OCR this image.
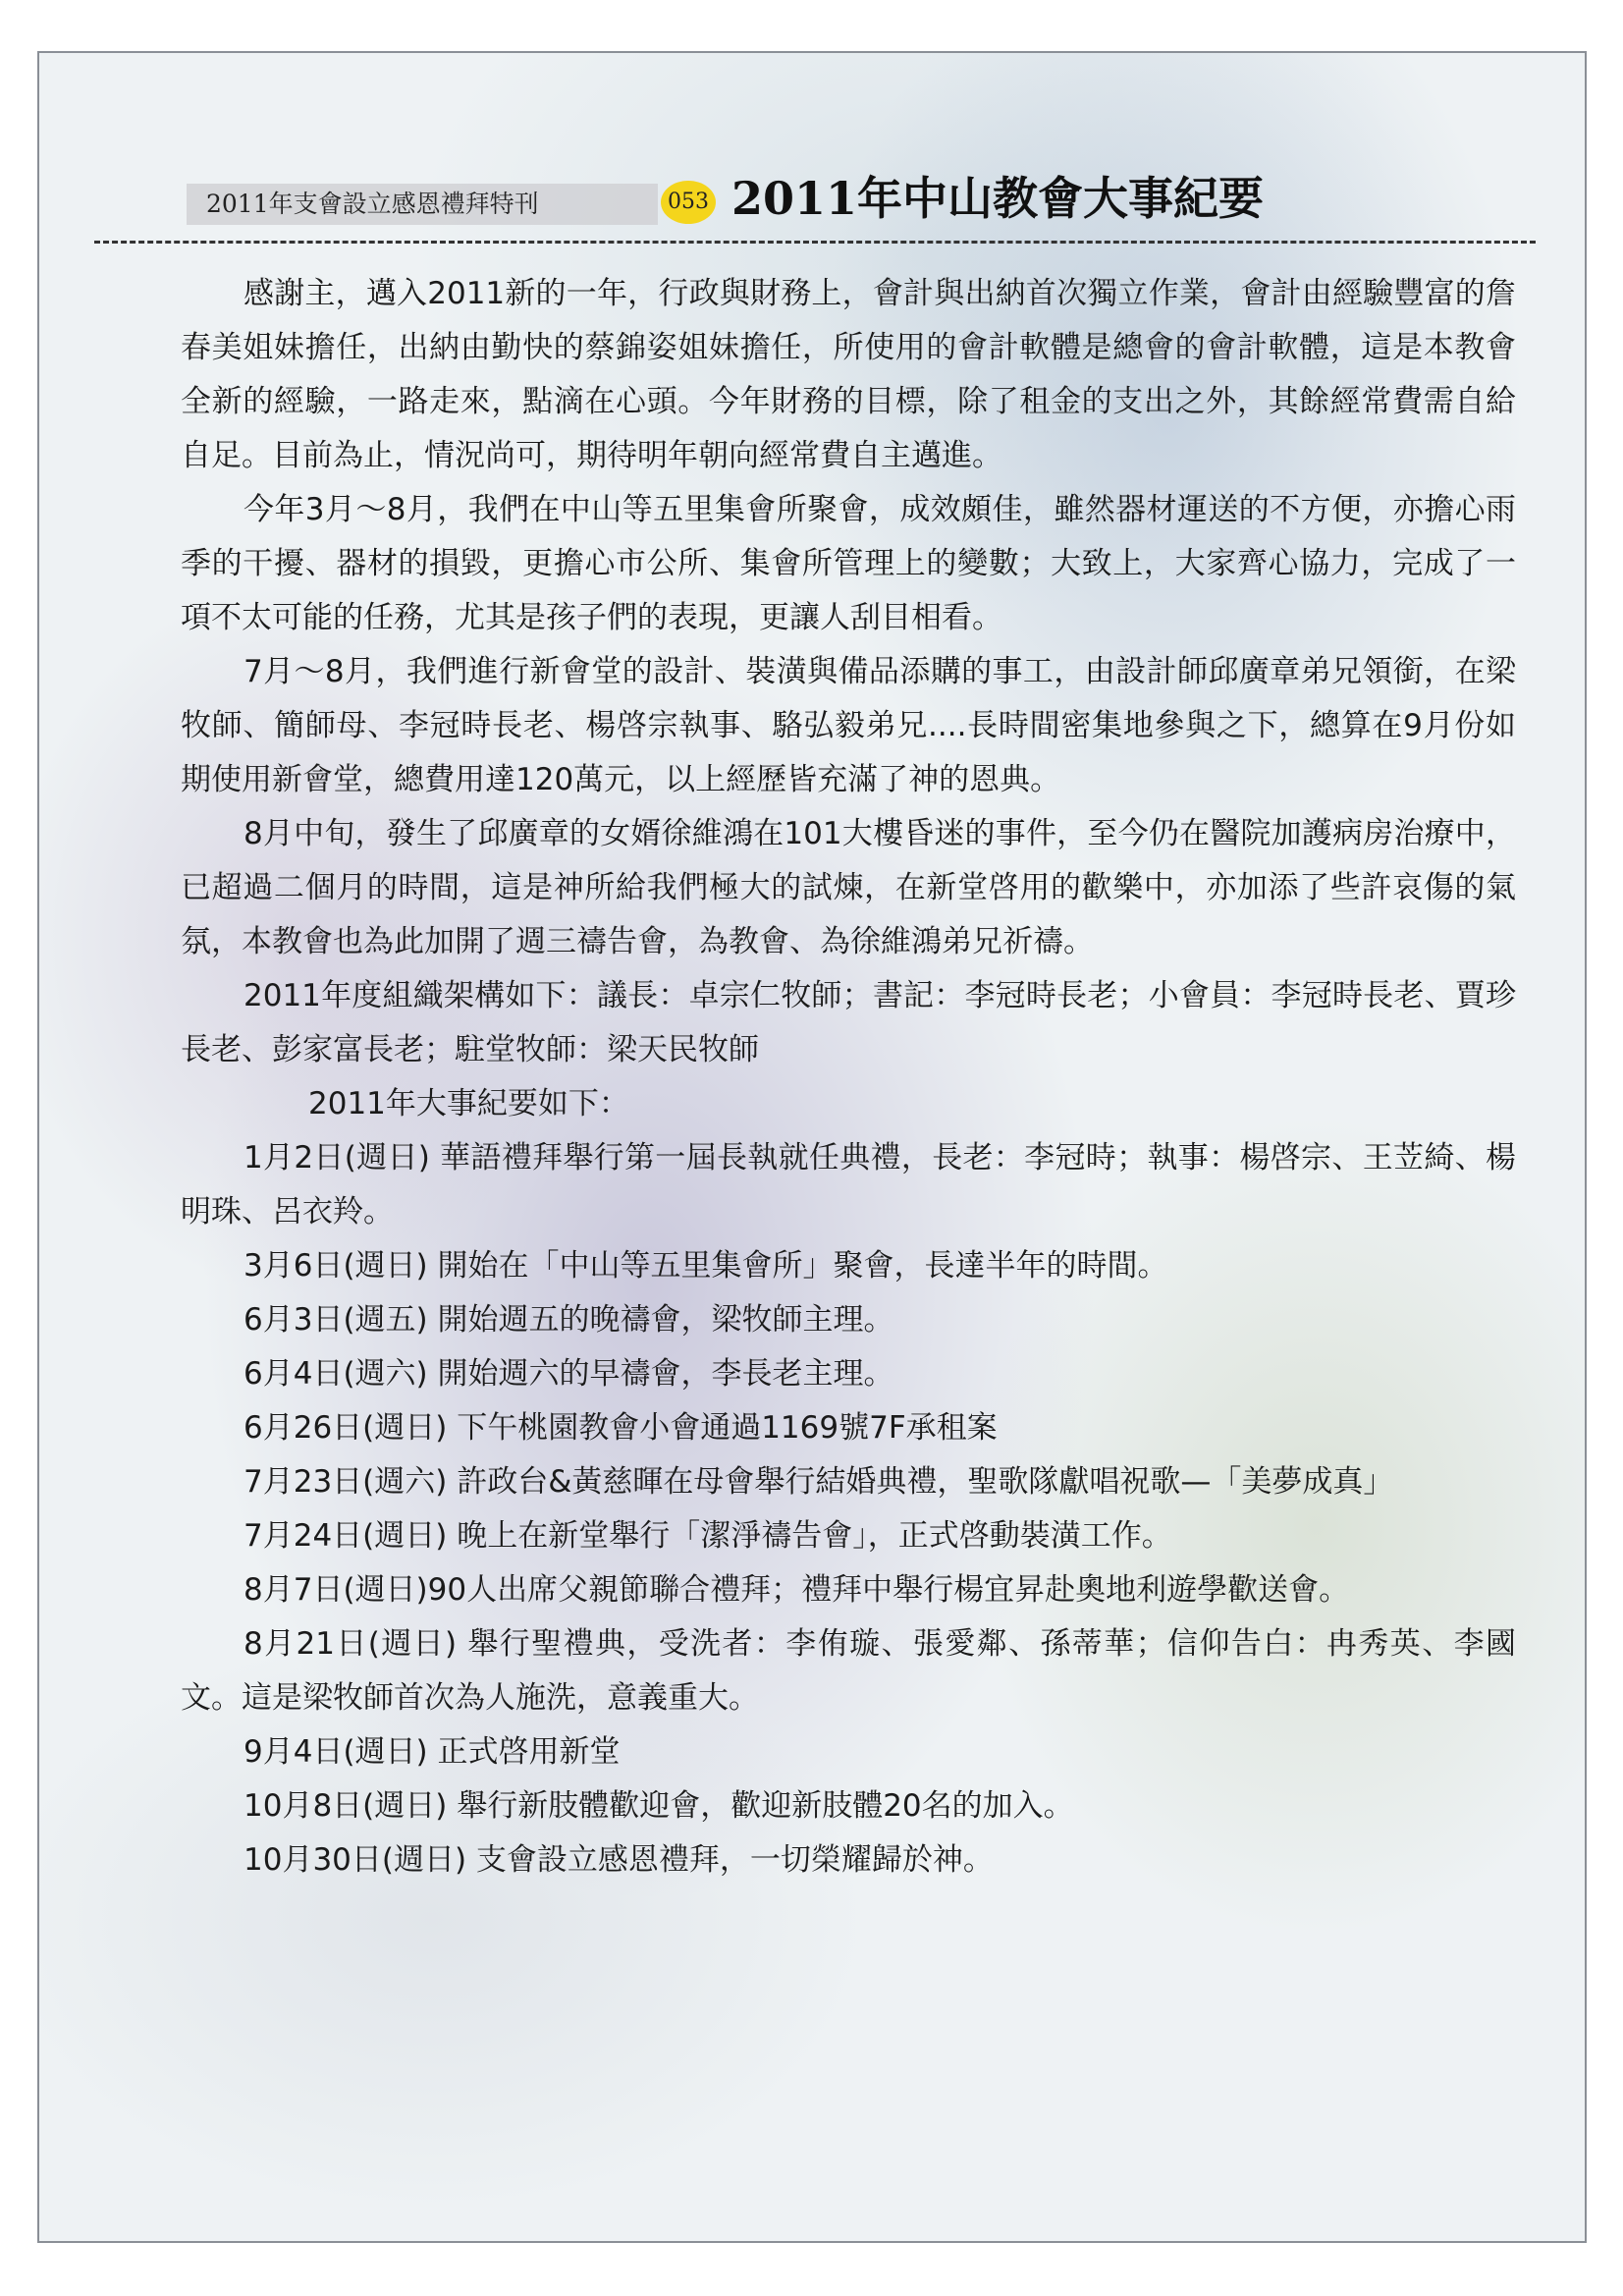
2011年支會設立感恩禮拜特刊	053 2011年中山教會大事紀要

感謝主，邁入2011新的一年，行政與財務上，會計與出納首次獨立作業，會計由經驗豐富的詹春美姐妹擔任，出納由勤快的蔡錦姿姐妹擔任，所使用的會計軟體是總會的會計軟體，這是本教會全新的經驗，一路走來，點滴在心頭。今年財務的目標，除了租金的支出之外，其餘經常費需自給自足。目前為止，情況尚可，期待明年朝向經常費自主邁進。

今年3月～8月，我們在中山等五里集會所聚會，成效頗佳，雖然器材運送的不方便，亦擔心雨季的干擾、器材的損毀，更擔心市公所、集會所管理上的變數；大致上，大家齊心協力，完成了一項不太可能的任務，尤其是孩子們的表現，更讓人刮目相看。

7月～8月，我們進行新會堂的設計、裝潢與備品添購的事工，由設計師邱廣章弟兄領銜，在梁牧師、簡師母、李冠時長老、楊啓宗執事、駱弘毅弟兄....長時間密集地參與之下，總算在9月份如期使用新會堂，總費用達120萬元，以上經歷皆充滿了神的恩典。

8月中旬，發生了邱廣章的女婿徐維鴻在101大樓昏迷的事件，至今仍在醫院加護病房治療中，已超過二個月的時間，這是神所給我們極大的試煉，在新堂啓用的歡樂中，亦加添了些許哀傷的氣氛，本教會也為此加開了週三禱告會，為教會、為徐維鴻弟兄祈禱。

2011年度組織架構如下：議長：卓宗仁牧師；書記：李冠時長老；小會員：李冠時長老、賈珍長老、彭家富長老；駐堂牧師：梁天民牧師

2011年大事紀要如下：

1月2日(週日) 華語禮拜舉行第一屆長執就任典禮，長老：李冠時；執事：楊啓宗、王苙綺、楊明珠、呂衣羚。

3月6日(週日) 開始在「中山等五里集會所」聚會，長達半年的時間。

6月3日(週五) 開始週五的晚禱會，梁牧師主理。

6月4日(週六) 開始週六的早禱會，李長老主理。

6月26日(週日) 下午桃園教會小會通過1169號7F承租案

7月23日(週六) 許政台&黃慈暉在母會舉行結婚典禮，聖歌隊獻唱祝歌—「美夢成真」

7月24日(週日) 晚上在新堂舉行「潔淨禱告會」，正式啓動裝潢工作。

8月7日(週日)90人出席父親節聯合禮拜；禮拜中舉行楊宜昇赴奧地利遊學歡送會。

8月21日(週日) 舉行聖禮典，受洗者：李侑璇、張愛鄰、孫蒂華；信仰告白：冉秀英、李國文。這是梁牧師首次為人施洗，意義重大。

9月4日(週日) 正式啓用新堂

10月8日(週日) 舉行新肢體歡迎會，歡迎新肢體20名的加入。

10月30日(週日) 支會設立感恩禮拜，一切榮耀歸於神。
